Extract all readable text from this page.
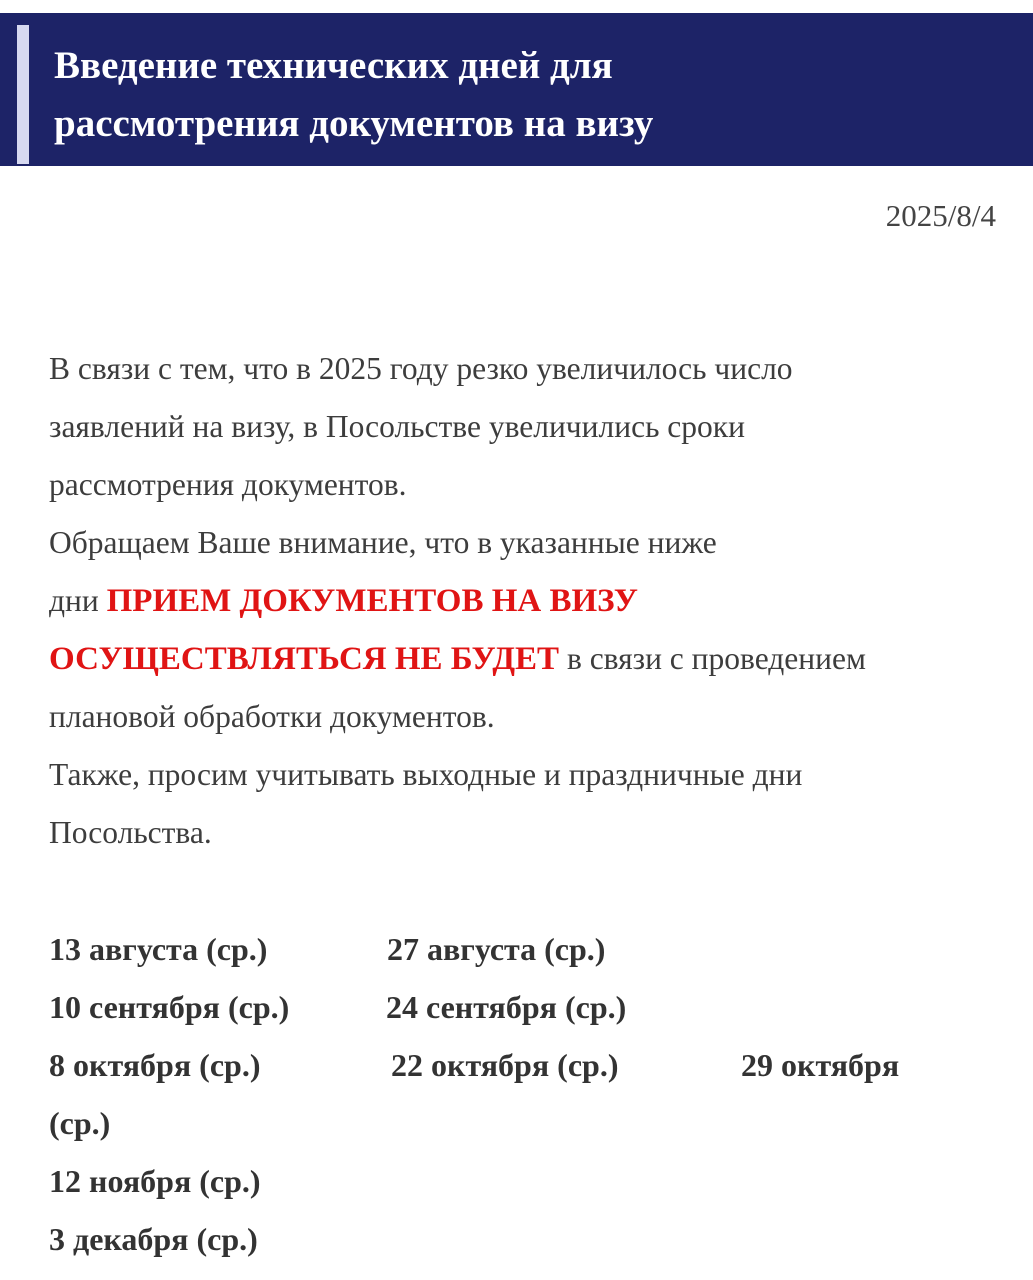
Введение технических дней для
рассмотрения документов на визу
2025/8/4

В связи с тем, что в 2025 году резко увеличилось число

заявлений на визу, в Посольстве увеличились сроки

рассмотрения документов.

Обращаем Ваше внимание, что в указанные ниже

дни ПРИЕМ ДОКУМЕНТОВ НА ВИЗУ

ОСУЩЕСТВЛЯТЬСЯ НЕ БУДЕТ в связи с проведением

плановой обработки документов.

Также, просим учитывать выходные и праздничные дни

Посольства.

13 августа (ср.)	27 августа (ср.)
10 сентября (ср.)	24 сентября (ср.)
8 октября (ср.)	22 октября (ср.)	29 октября
(ср.)
12 ноября (ср.)
3 декабря (ср.)
